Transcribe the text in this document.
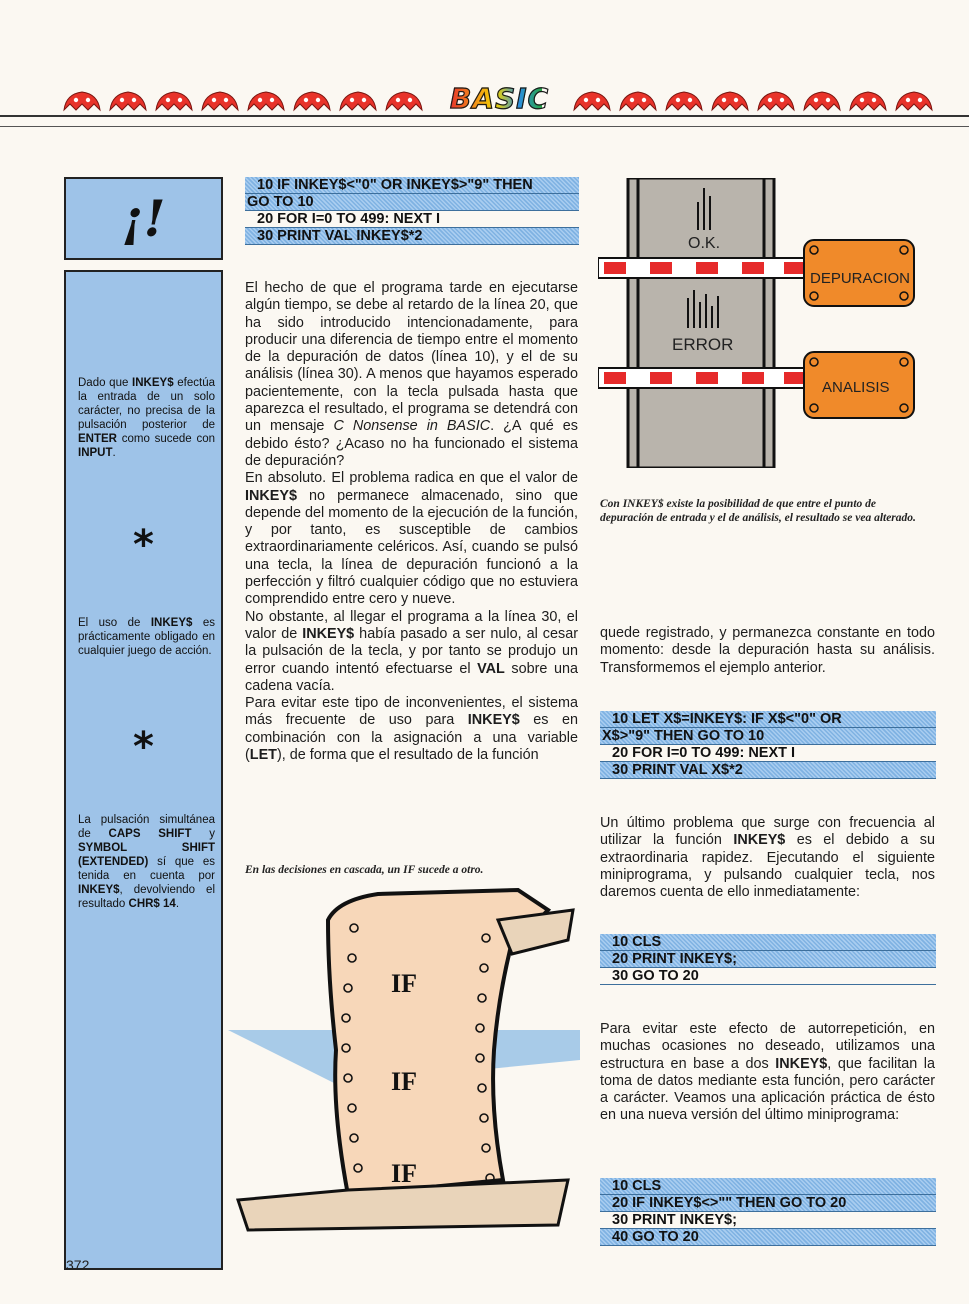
BASIC
¡!
Dado que INKEY$ efectúa la entrada de un solo carácter, no precisa de la pulsación posterior de ENTER como sucede con INPUT.
*
El uso de INKEY$ es prácticamente obligado en cualquier juego de acción.
*
La pulsación simultánea de CAPS SHIFT y SYMBOL SHIFT (EXTENDED) sí que es tenida en cuenta por INKEY$, devolviendo el resultado CHR$ 14.
372
10 IF INKEY$<"0" OR INKEY$>"9" THEN
GO TO 10
20 FOR I=0 TO 499: NEXT I
30 PRINT VAL INKEY$*2

El hecho de que el programa tarde en ejecutarse algún tiempo, se debe al retardo de la línea 20, que ha sido introducido intencionadamente, para producir una diferencia de tiempo entre el momento de la depuración de datos (línea 10), y el de su análisis (línea 30). A menos que hayamos esperado pacientemente, con la tecla pulsada hasta que aparezca el resultado, el programa se detendrá con un mensaje C Nonsense in BASIC. ¿A qué es debido ésto? ¿Acaso no ha funcionado el sistema de depuración?

En absoluto. El problema radica en que el valor de INKEY$ no permanece almacenado, sino que depende del momento de la ejecución de la función, y por tanto, es susceptible de cambios extraordinariamente celéricos. Así, cuando se pulsó una tecla, la línea de depuración funcionó a la perfección y filtró cualquier código que no estuviera comprendido entre cero y nueve.

No obstante, al llegar el programa a la línea 30, el valor de INKEY$ había pasado a ser nulo, al cesar la pulsación de la tecla, y por tanto se produjo un error cuando intentó efectuarse el VAL sobre una cadena vacía.

Para evitar este tipo de inconvenientes, el sistema más frecuente de uso para INKEY$ es en combinación con la asignación a una variable (LET), de forma que el resultado de la función

En las decisiones en cascada, un IF sucede a otro.
IF
IF
IF
O.K.
DEPURACION
ERROR
ANALISIS
Con INKEY$ existe la posibilidad de que entre el punto de depuración de entrada y el de análisis, el resultado se vea alterado.
quede registrado, y permanezca constante en todo momento: desde la depuración hasta su análisis. Transformemos el ejemplo anterior.
10 LET X$=INKEY$: IF X$<"0" OR
X$>"9" THEN GO TO 10
20 FOR I=0 TO 499: NEXT I
30 PRINT VAL X$*2
Un último problema que surge con frecuencia al utilizar la función INKEY$ es el debido a su extraordinaria rapidez. Ejecutando el siguiente miniprograma, y pulsando cualquier tecla, nos daremos cuenta de ello inmediatamente:
10 CLS
20 PRINT INKEY$;
30 GO TO 20
Para evitar este efecto de autorrepetición, en muchas ocasiones no deseado, utilizamos una estructura en base a dos INKEY$, que facilitan la toma de datos mediante esta función, pero carácter a carácter. Veamos una aplicación práctica de ésto en una nueva versión del último miniprograma:
10 CLS
20 IF INKEY$<>"" THEN GO TO 20
30 PRINT INKEY$;
40 GO TO 20
